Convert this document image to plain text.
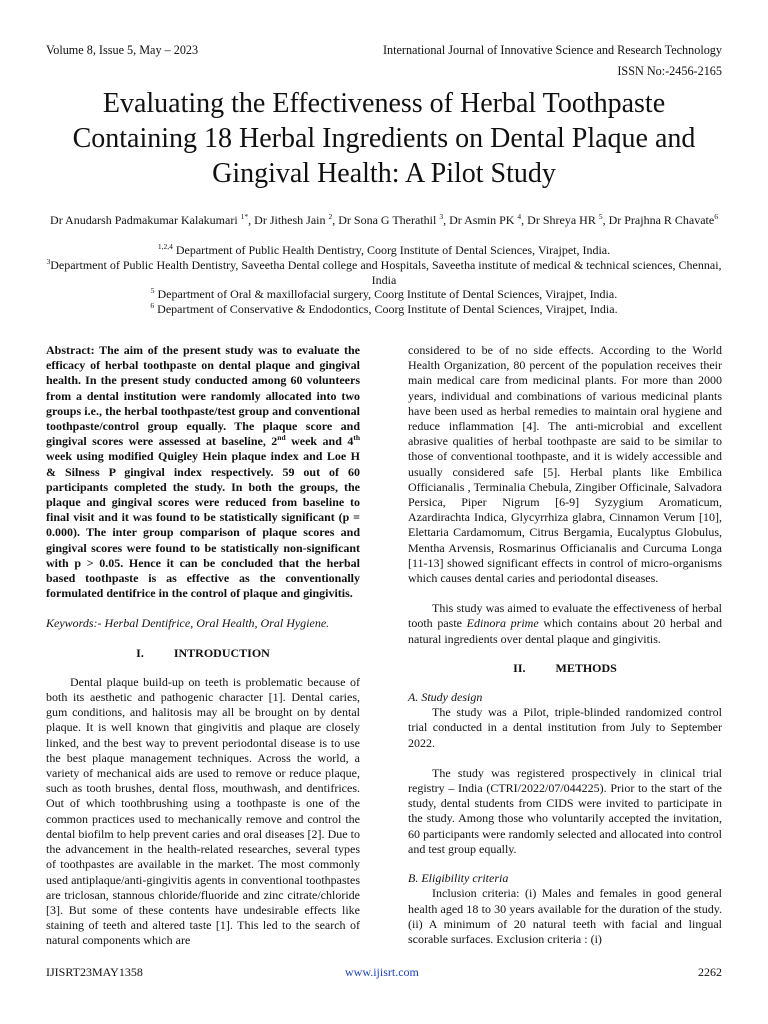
Volume 8, Issue 5, May – 2023	International Journal of Innovative Science and Research Technology
ISSN No:-2456-2165
Evaluating the Effectiveness of Herbal Toothpaste Containing 18 Herbal Ingredients on Dental Plaque and Gingival Health: A Pilot Study
Dr Anudarsh Padmakumar Kalakumari $^{1*}$, Dr Jithesh Jain $^2$, Dr Sona G Therathil $^3$, Dr Asmin PK $^4$, Dr Shreya HR $^5$, Dr Prajhna R Chavate$^6$
$^{1,2,4}$ Department of Public Health Dentistry, Coorg Institute of Dental Sciences, Virajpet, India.
$^3$Department of Public Health Dentistry, Saveetha Dental college and Hospitals, Saveetha institute of medical & technical sciences, Chennai, India
$^5$ Department of Oral & maxillofacial surgery, Coorg Institute of Dental Sciences, Virajpet, India.
$^6$ Department of Conservative & Endodontics, Coorg Institute of Dental Sciences, Virajpet, India.

Abstract: The aim of the present study was to evaluate the efficacy of herbal toothpaste on dental plaque and gingival health. In the present study conducted among 60 volunteers from a dental institution were randomly allocated into two groups i.e., the herbal toothpaste/test group and conventional toothpaste/control group equally. The plaque score and gingival scores were assessed at baseline, 2nd week and 4th week using modified Quigley Hein plaque index and Loe H & Silness P gingival index respectively. 59 out of 60 participants completed the study. In both the groups, the plaque and gingival scores were reduced from baseline to final visit and it was found to be statistically significant (p = 0.000). The inter group comparison of plaque scores and gingival scores were found to be statistically non-significant with p > 0.05. Hence it can be concluded that the herbal based toothpaste is as effective as the conventionally formulated dentifrice in the control of plaque and gingivitis.

Keywords:- Herbal Dentifrice, Oral Health, Oral Hygiene.

I.          INTRODUCTION

Dental plaque build-up on teeth is problematic because of both its aesthetic and pathogenic character [1]. Dental caries, gum conditions, and halitosis may all be brought on by dental plaque. It is well known that gingivitis and plaque are closely linked, and the best way to prevent periodontal disease is to use the best plaque management techniques. Across the world, a variety of mechanical aids are used to remove or reduce plaque, such as tooth brushes, dental floss, mouthwash, and dentifrices. Out of which toothbrushing using a toothpaste is one of the common practices used to mechanically remove and control the dental biofilm to help prevent caries and oral diseases [2]. Due to the advancement in the health-related researches, several types of toothpastes are available in the market. The most commonly used antiplaque/anti-gingivitis agents in conventional toothpastes are triclosan, stannous chloride/fluoride and zinc citrate/chloride [3]. But some of these contents have undesirable effects like staining of teeth and altered taste [1]. This led to the search of natural components which are

considered to be of no side effects. According to the World Health Organization, 80 percent of the population receives their main medical care from medicinal plants. For more than 2000 years, individual and combinations of various medicinal plants have been used as herbal remedies to maintain oral hygiene and reduce inflammation [4]. The anti-microbial and excellent abrasive qualities of herbal toothpaste are said to be similar to those of conventional toothpaste, and it is widely accessible and usually considered safe [5]. Herbal plants like Embilica Officianalis , Terminalia Chebula, Zingiber Officinale, Salvadora Persica, Piper Nigrum [6-9] Syzygium Aromaticum, Azardirachta Indica, Glycyrrhiza glabra, Cinnamon Verum [10], Elettaria Cardamomum, Citrus Bergamia, Eucalyptus Globulus, Mentha Arvensis, Rosmarinus Officianalis and Curcuma Longa [11-13] showed significant effects in control of micro-organisms which causes dental caries and periodontal diseases.

This study was aimed to evaluate the effectiveness of herbal tooth paste Edinora prime which contains about 20 herbal and natural ingredients over dental plaque and gingivitis.

II.          METHODS

A. Study design

The study was a Pilot, triple-blinded randomized control trial conducted in a dental institution from July to September 2022.

The study was registered prospectively in clinical trial registry – India (CTRI/2022/07/044225). Prior to the start of the study, dental students from CIDS were invited to participate in the study. Among those who voluntarily accepted the invitation, 60 participants were randomly selected and allocated into control and test group equally.

B. Eligibility criteria

Inclusion criteria: (i) Males and females in good general health aged 18 to 30 years available for the duration of the study. (ii) A minimum of 20 natural teeth with facial and lingual scorable surfaces. Exclusion criteria : (i)

IJISRT23MAY1358	www.ijisrt.com	2262
